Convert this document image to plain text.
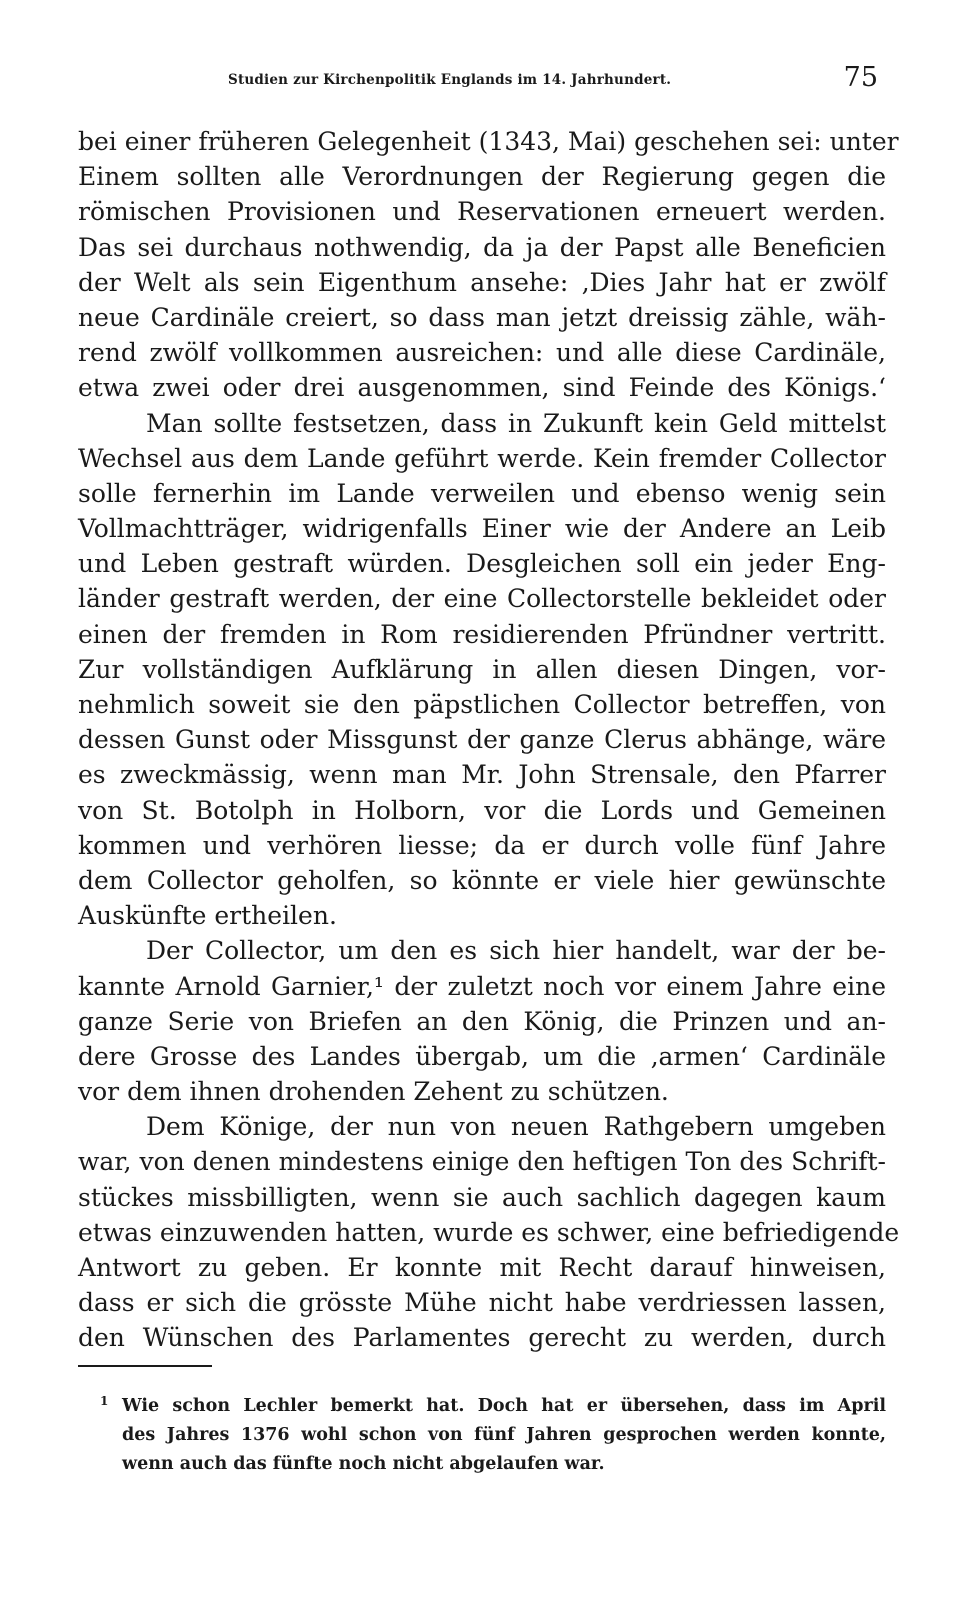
Studien zur Kirchenpolitik Englands im 14. Jahrhundert.	75
bei einer früheren Gelegenheit (1343, Mai) geschehen sei: unter
Einem sollten alle Verordnungen der Regierung gegen die
römischen Provisionen und Reservationen erneuert werden.
Das sei durchaus nothwendig, da ja der Papst alle Beneficien
der Welt als sein Eigenthum ansehe: ‚Dies Jahr hat er zwölf
neue Cardinäle creiert, so dass man jetzt dreissig zähle, wäh-
rend zwölf vollkommen ausreichen: und alle diese Cardinäle,
etwa zwei oder drei ausgenommen, sind Feinde des Königs.‘
Man sollte festsetzen, dass in Zukunft kein Geld mittelst
Wechsel aus dem Lande geführt werde. Kein fremder Collector
solle fernerhin im Lande verweilen und ebenso wenig sein
Vollmachtträger, widrigenfalls Einer wie der Andere an Leib
und Leben gestraft würden. Desgleichen soll ein jeder Eng-
länder gestraft werden, der eine Collectorstelle bekleidet oder
einen der fremden in Rom residierenden Pfründner vertritt.
Zur vollständigen Aufklärung in allen diesen Dingen, vor-
nehmlich soweit sie den päpstlichen Collector betreffen, von
dessen Gunst oder Missgunst der ganze Clerus abhänge, wäre
es zweckmässig, wenn man Mr. John Strensale, den Pfarrer
von St. Botolph in Holborn, vor die Lords und Gemeinen
kommen und verhören liesse; da er durch volle fünf Jahre
dem Collector geholfen, so könnte er viele hier gewünschte
Auskünfte ertheilen.
Der Collector, um den es sich hier handelt, war der be-
kannte Arnold Garnier,¹ der zuletzt noch vor einem Jahre eine
ganze Serie von Briefen an den König, die Prinzen und an-
dere Grosse des Landes übergab, um die ‚armen‘ Cardinäle
vor dem ihnen drohenden Zehent zu schützen.
Dem Könige, der nun von neuen Rathgebern umgeben
war, von denen mindestens einige den heftigen Ton des Schrift-
stückes missbilligten, wenn sie auch sachlich dagegen kaum
etwas einzuwenden hatten, wurde es schwer, eine befriedigende
Antwort zu geben. Er konnte mit Recht darauf hinweisen,
dass er sich die grösste Mühe nicht habe verdriessen lassen,
den Wünschen des Parlamentes gerecht zu werden, durch
1 Wie schon Lechler bemerkt hat. Doch hat er übersehen, dass im April
des Jahres 1376 wohl schon von fünf Jahren gesprochen werden konnte,
wenn auch das fünfte noch nicht abgelaufen war.
